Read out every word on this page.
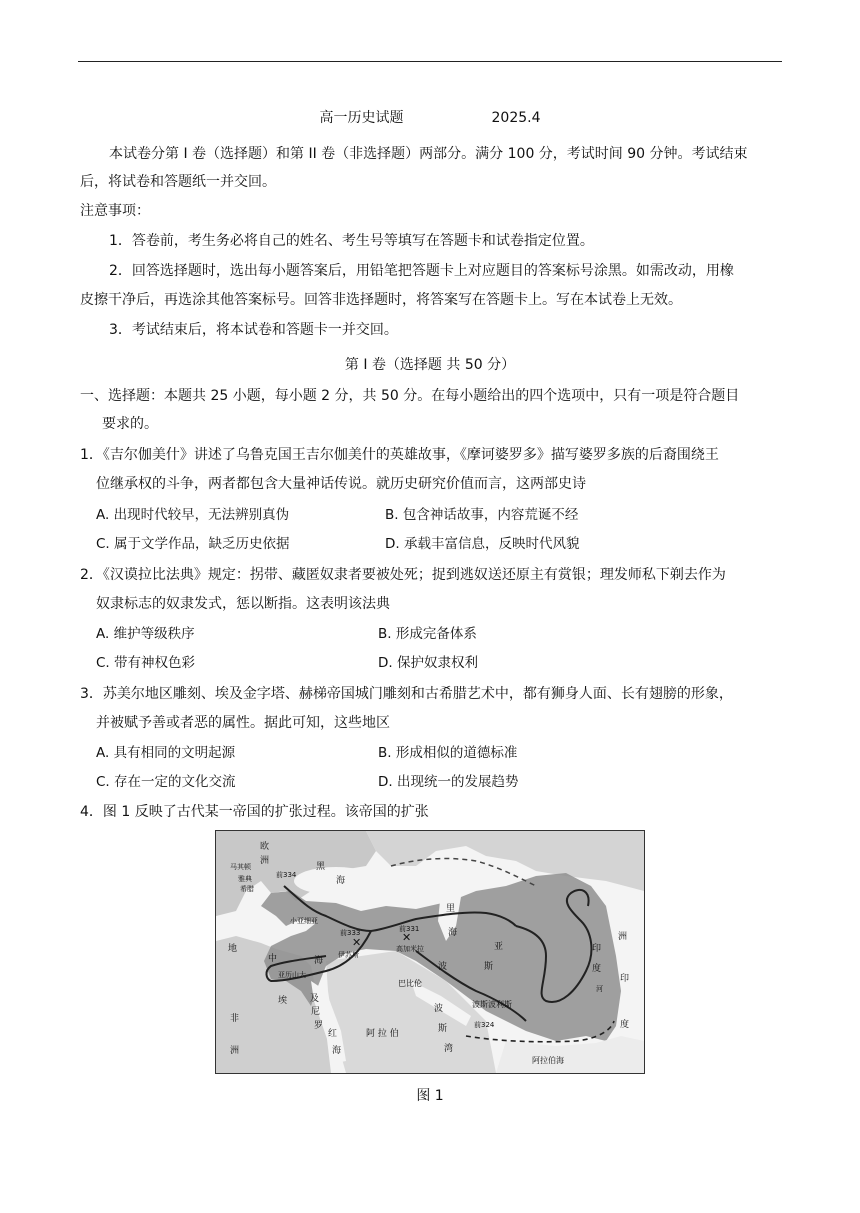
高一历史试题	2025.4
本试卷分第 I 卷（选择题）和第 II 卷（非选择题）两部分。满分 100 分，考试时间 90 分钟。考试结束
后，将试卷和答题纸一并交回。
注意事项：
1．答卷前，考生务必将自己的姓名、考生号等填写在答题卡和试卷指定位置。
2．回答选择题时，选出每小题答案后，用铅笔把答题卡上对应题目的答案标号涂黑。如需改动，用橡
皮擦干净后，再选涂其他答案标号。回答非选择题时，将答案写在答题卡上。写在本试卷上无效。
3．考试结束后，将本试卷和答题卡一并交回。
第 I 卷（选择题 共 50 分）
一、选择题：本题共 25 小题，每小题 2 分，共 50 分。在每小题给出的四个选项中，只有一项是符合题目
要求的。
1．《吉尔伽美什》讲述了乌鲁克国王吉尔伽美什的英雄故事，《摩诃婆罗多》描写婆罗多族的后裔围绕王
位继承权的斗争，两者都包含大量神话传说。就历史研究价值而言，这两部史诗
A. 出现时代较早，无法辨别真伪	B. 包含神话故事，内容荒诞不经
C. 属于文学作品，缺乏历史依据	D. 承载丰富信息，反映时代风貌
2．《汉谟拉比法典》规定：拐带、藏匿奴隶者要被处死；捉到逃奴送还原主有赏银；理发师私下剃去作为
奴隶标志的奴隶发式，惩以断指。这表明该法典
A. 维护等级秩序	B. 形成完备体系
C. 带有神权色彩	D. 保护奴隶权利
3．苏美尔地区雕刻、埃及金字塔、赫梯帝国城门雕刻和古希腊艺术中，都有狮身人面、长有翅膀的形象，
并被赋予善或者恶的属性。据此可知，这些地区
A. 具有相同的文明起源	B. 形成相似的道德标准
C. 存在一定的文化交流	D. 出现统一的发展趋势
4．图 1 反映了古代某一帝国的扩张过程。该帝国的扩张
✕	✕
欧
洲
马其顿
雅典
希腊
黑
海
前334
小亚细亚
前333
伊苏斯
前331
高加米拉
里
海
地
中	海
亚历山大
埃	及
尼
罗
非
洲
红
海
阿 拉 伯
巴比伦
波	斯
亚
波斯波利斯
前324
波
斯
湾
印
度
河
洲
印
度
阿拉伯海
图 1
